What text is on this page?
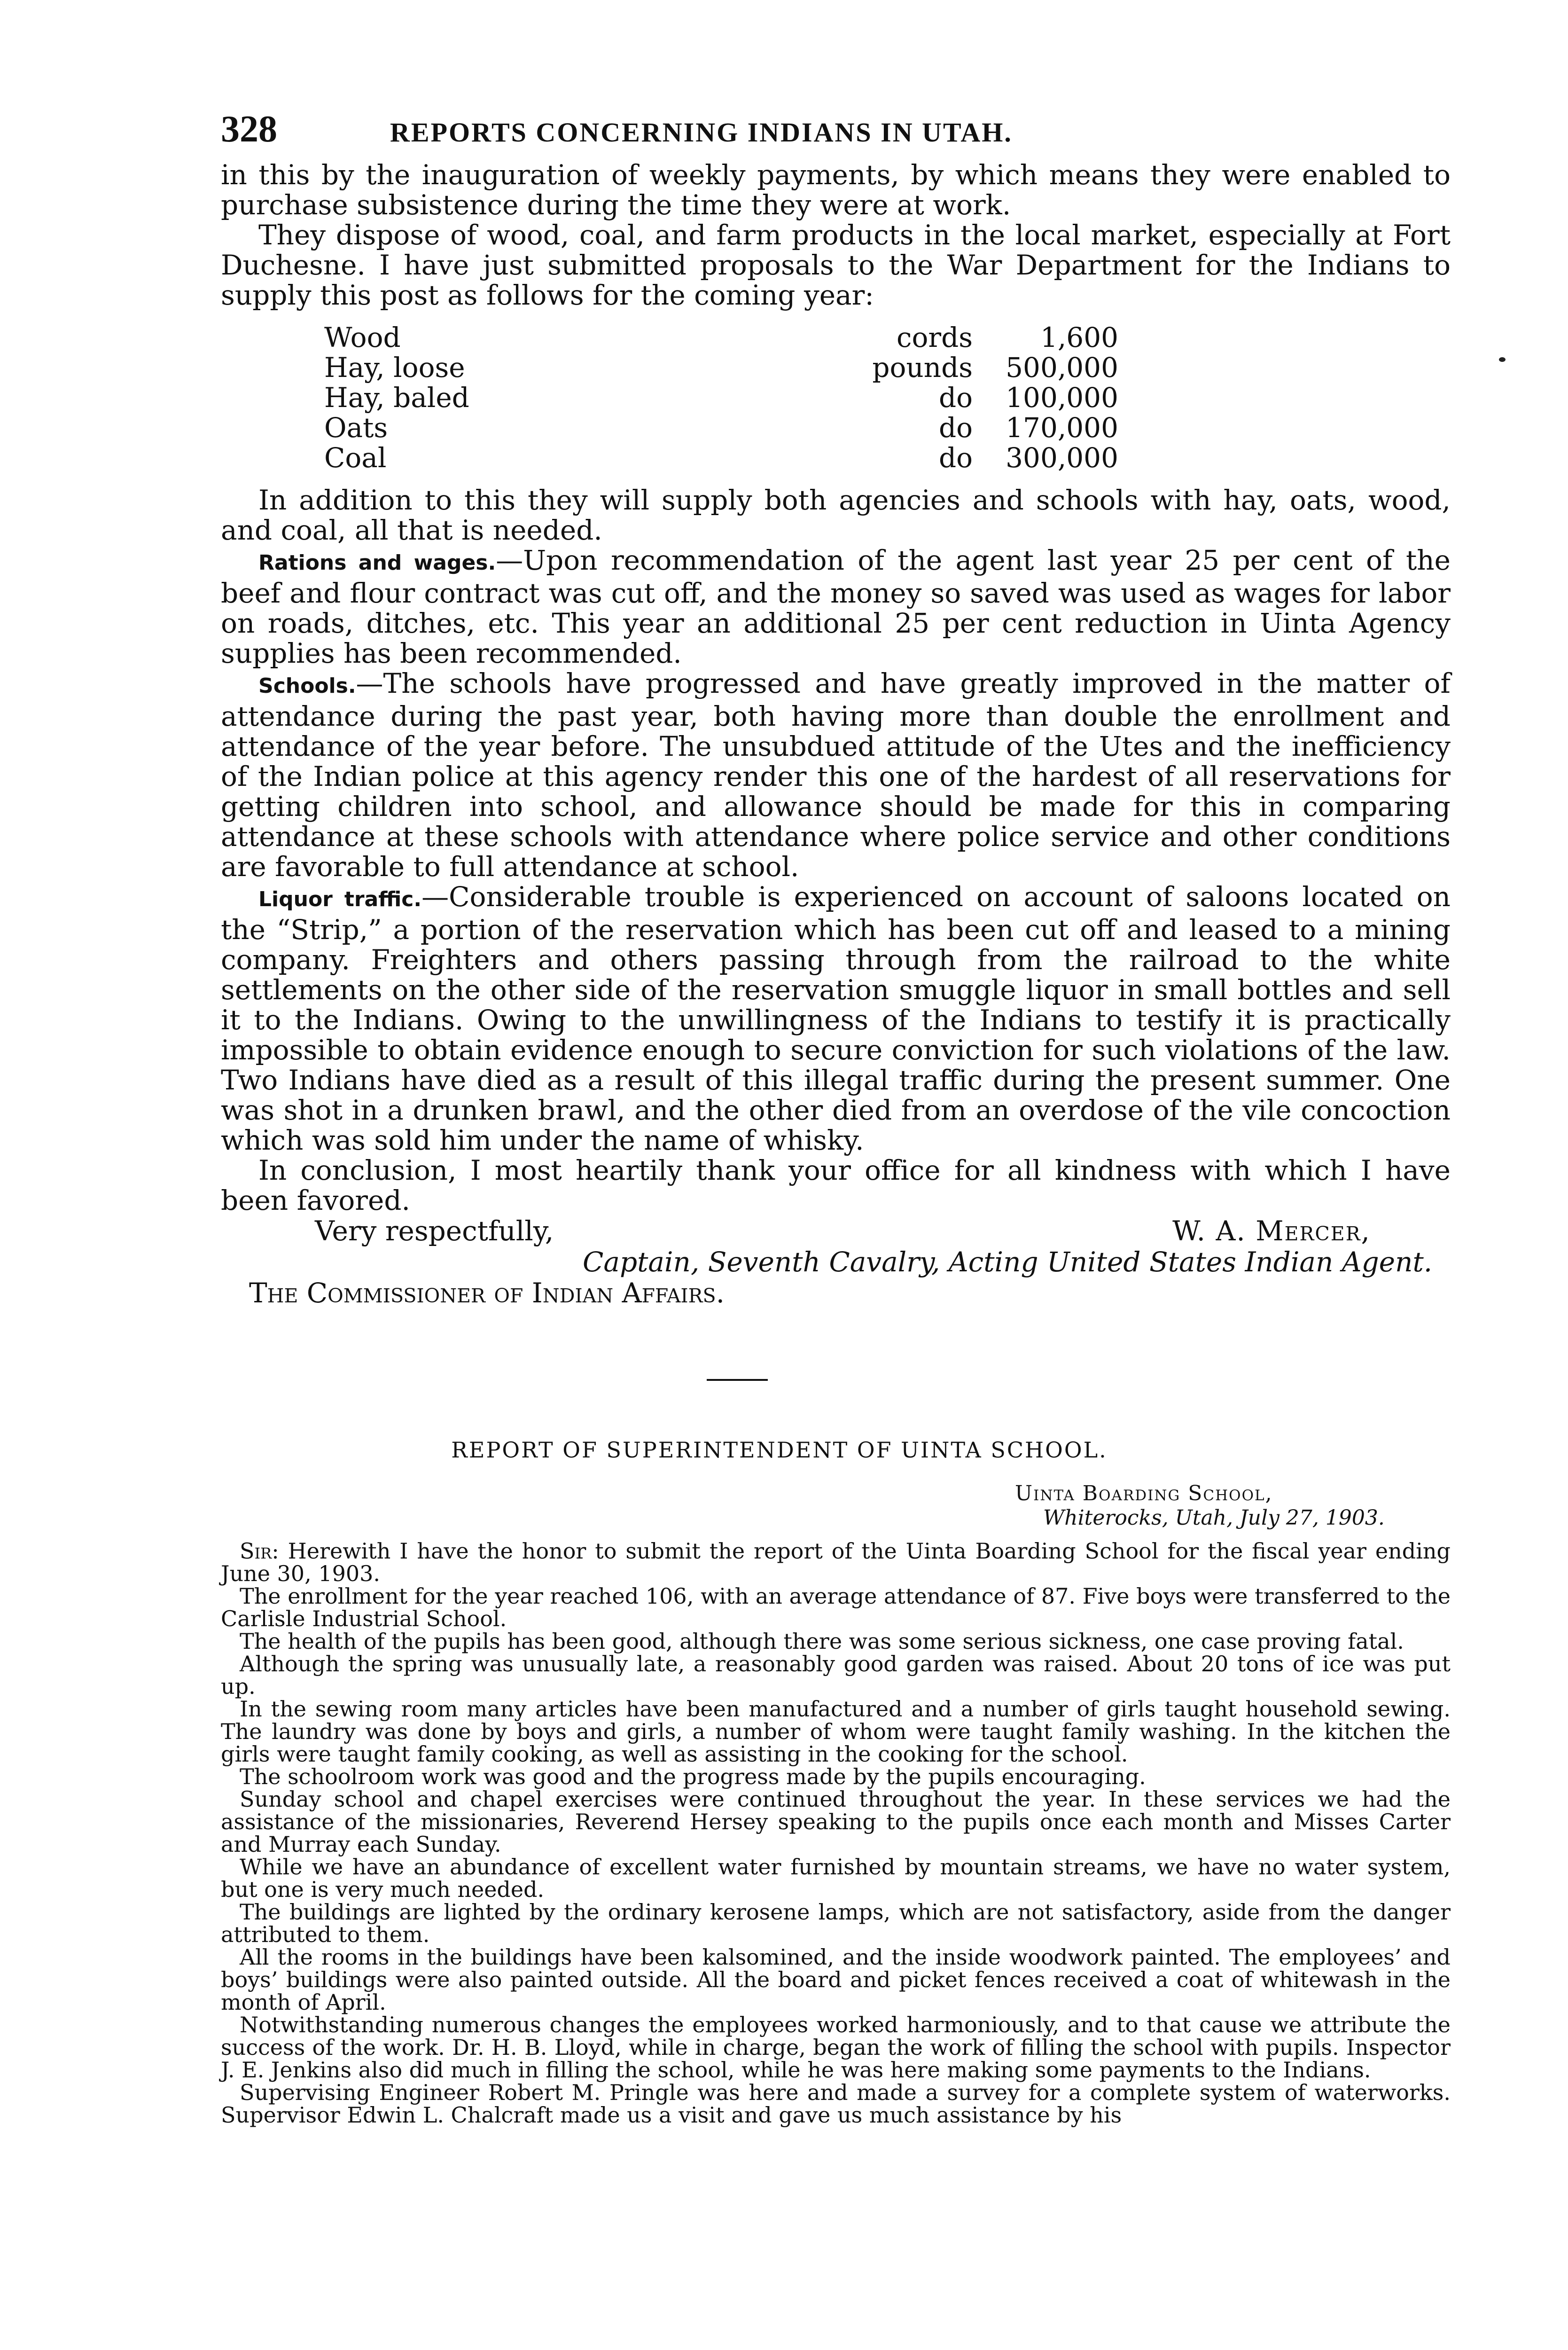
328	REPORTS CONCERNING INDIANS IN UTAH.

in this by the inauguration of weekly payments, by which means they were enabled to purchase subsistence during the time they were at work.

They dispose of wood, coal, and farm products in the local market, especially at Fort Duchesne. I have just submitted proposals to the War Department for the Indians to supply this post as follows for the coming year:

Wood	cords	1,600
Hay, loose	pounds	500,000
Hay, baled	do	100,000
Oats	do	170,000
Coal	do	300,000

In addition to this they will supply both agencies and schools with hay, oats, wood, and coal, all that is needed.

Rations and wages.—Upon recommendation of the agent last year 25 per cent of the beef and flour contract was cut off, and the money so saved was used as wages for labor on roads, ditches, etc. This year an additional 25 per cent reduction in Uinta Agency supplies has been recommended.

Schools.—The schools have progressed and have greatly improved in the matter of attendance during the past year, both having more than double the enrollment and attendance of the year before. The unsubdued attitude of the Utes and the inefficiency of the Indian police at this agency render this one of the hardest of all reservations for getting children into school, and allowance should be made for this in comparing attendance at these schools with attendance where police service and other conditions are favorable to full attendance at school.

Liquor traffic.—Considerable trouble is experienced on account of saloons located on the “Strip,” a portion of the reservation which has been cut off and leased to a mining company. Freighters and others passing through from the railroad to the white settlements on the other side of the reservation smuggle liquor in small bottles and sell it to the Indians. Owing to the unwillingness of the Indians to testify it is practically impossible to obtain evidence enough to secure conviction for such violations of the law. Two Indians have died as a result of this illegal traffic during the present summer. One was shot in a drunken brawl, and the other died from an overdose of the vile concoction which was sold him under the name of whisky.

In conclusion, I most heartily thank your office for all kindness with which I have been favored.

Very respectfully,	W. A. Mercer,
Captain, Seventh Cavalry, Acting United States Indian Agent.
The Commissioner of Indian Affairs.
REPORT OF SUPERINTENDENT OF UINTA SCHOOL.
Uinta Boarding School,
Whiterocks, Utah, July 27, 1903.

Sir: Herewith I have the honor to submit the report of the Uinta Boarding School for the fiscal year ending June 30, 1903.

The enrollment for the year reached 106, with an average attendance of 87. Five boys were transferred to the Carlisle Industrial School.

The health of the pupils has been good, although there was some serious sickness, one case proving fatal.

Although the spring was unusually late, a reasonably good garden was raised. About 20 tons of ice was put up.

In the sewing room many articles have been manufactured and a number of girls taught household sewing. The laundry was done by boys and girls, a number of whom were taught family washing. In the kitchen the girls were taught family cooking, as well as assisting in the cooking for the school.

The schoolroom work was good and the progress made by the pupils encouraging.

Sunday school and chapel exercises were continued throughout the year. In these services we had the assistance of the missionaries, Reverend Hersey speaking to the pupils once each month and Misses Carter and Murray each Sunday.

While we have an abundance of excellent water furnished by mountain streams, we have no water system, but one is very much needed.

The buildings are lighted by the ordinary kerosene lamps, which are not satisfactory, aside from the danger attributed to them.

All the rooms in the buildings have been kalsomined, and the inside woodwork painted. The employees’ and boys’ buildings were also painted outside. All the board and picket fences received a coat of whitewash in the month of April.

Notwithstanding numerous changes the employees worked harmoniously, and to that cause we attribute the success of the work. Dr. H. B. Lloyd, while in charge, began the work of filling the school with pupils. Inspector J. E. Jenkins also did much in filling the school, while he was here making some payments to the Indians.

Supervising Engineer Robert M. Pringle was here and made a survey for a complete system of waterworks. Supervisor Edwin L. Chalcraft made us a visit and gave us much assistance by his
